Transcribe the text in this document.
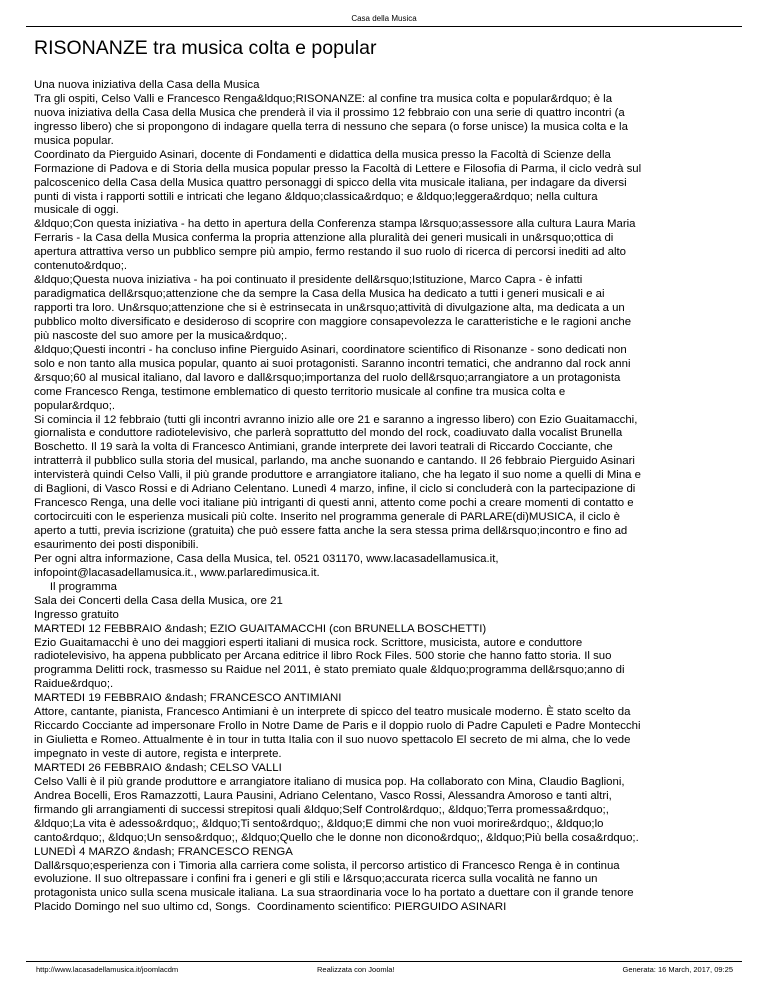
Casa della Musica
RISONANZE tra musica colta e popular
Una nuova iniziativa della Casa della Musica
Tra gli ospiti, Celso Valli e Francesco Renga&ldquo;RISONANZE: al confine tra musica colta e popular&rdquo; è la
nuova iniziativa della Casa della Musica che prenderà il via il prossimo 12 febbraio con una serie di quattro incontri (a
ingresso libero) che si propongono di indagare quella terra di nessuno che separa (o forse unisce) la musica colta e la
musica popular.
Coordinato da Pierguido Asinari, docente di Fondamenti e didattica della musica presso la Facoltà di Scienze della
Formazione di Padova e di Storia della musica popular presso la Facoltà di Lettere e Filosofia di Parma, il ciclo vedrà sul
palcoscenico della Casa della Musica quattro personaggi di spicco della vita musicale italiana, per indagare da diversi
punti di vista i rapporti sottili e intricati che legano &ldquo;classica&rdquo; e &ldquo;leggera&rdquo; nella cultura
musicale di oggi.
&ldquo;Con questa iniziativa - ha detto in apertura della Conferenza stampa l&rsquo;assessore alla cultura Laura Maria
Ferraris - la Casa della Musica conferma la propria attenzione alla pluralità dei generi musicali in un&rsquo;ottica di
apertura attrattiva verso un pubblico sempre più ampio, fermo restando il suo ruolo di ricerca di percorsi inediti ad alto
contenuto&rdquo;.
&ldquo;Questa nuova iniziativa - ha poi continuato il presidente dell&rsquo;Istituzione, Marco Capra - è infatti
paradigmatica dell&rsquo;attenzione che da sempre la Casa della Musica ha dedicato a tutti i generi musicali e ai
rapporti tra loro. Un&rsquo;attenzione che si è estrinsecata in un&rsquo;attività di divulgazione alta, ma dedicata a un
pubblico molto diversificato e desideroso di scoprire con maggiore consapevolezza le caratteristiche e le ragioni anche
più nascoste del suo amore per la musica&rdquo;.
&ldquo;Questi incontri - ha concluso infine Pierguido Asinari, coordinatore scientifico di Risonanze - sono dedicati non
solo e non tanto alla musica popular, quanto ai suoi protagonisti. Saranno incontri tematici, che andranno dal rock anni
&rsquo;60 al musical italiano, dal lavoro e dall&rsquo;importanza del ruolo dell&rsquo;arrangiatore a un protagonista
come Francesco Renga, testimone emblematico di questo territorio musicale al confine tra musica colta e
popular&rdquo;.
Si comincia il 12 febbraio (tutti gli incontri avranno inizio alle ore 21 e saranno a ingresso libero) con Ezio Guaitamacchi,
giornalista e conduttore radiotelevisivo, che parlerà soprattutto del mondo del rock, coadiuvato dalla vocalist Brunella
Boschetto. Il 19 sarà la volta di Francesco Antimiani, grande interprete dei lavori teatrali di Riccardo Cocciante, che
intratterrà il pubblico sulla storia del musical, parlando, ma anche suonando e cantando. Il 26 febbraio Pierguido Asinari
intervisterà quindi Celso Valli, il più grande produttore e arrangiatore italiano, che ha legato il suo nome a quelli di Mina e
di Baglioni, di Vasco Rossi e di Adriano Celentano. Lunedì 4 marzo, infine, il ciclo si concluderà con la partecipazione di
Francesco Renga, una delle voci italiane più intriganti di questi anni, attento come pochi a creare momenti di contatto e
cortocircuiti con le esperienza musicali più colte. Inserito nel programma generale di PARLARE(di)MUSICA, il ciclo è
aperto a tutti, previa iscrizione (gratuita) che può essere fatta anche la sera stessa prima dell&rsquo;incontro e fino ad
esaurimento dei posti disponibili.
Per ogni altra informazione, Casa della Musica, tel. 0521 031170, www.lacasadellamusica.it,
infopoint@lacasadellamusica.it., www.parlaredimusica.it.
Il programma
Sala dei Concerti della Casa della Musica, ore 21
Ingresso gratuito
MARTEDI 12 FEBBRAIO &ndash; EZIO GUAITAMACCHI (con BRUNELLA BOSCHETTI)
Ezio Guaitamacchi è uno dei maggiori esperti italiani di musica rock. Scrittore, musicista, autore e conduttore
radiotelevisivo, ha appena pubblicato per Arcana editrice il libro Rock Files. 500 storie che hanno fatto storia. Il suo
programma Delitti rock, trasmesso su Raidue nel 2011, è stato premiato quale &ldquo;programma dell&rsquo;anno di
Raidue&rdquo;.
MARTEDI 19 FEBBRAIO &ndash; FRANCESCO ANTIMIANI
Attore, cantante, pianista, Francesco Antimiani è un interprete di spicco del teatro musicale moderno. È stato scelto da
Riccardo Cocciante ad impersonare Frollo in Notre Dame de Paris e il doppio ruolo di Padre Capuleti e Padre Montecchi
in Giulietta e Romeo. Attualmente è in tour in tutta Italia con il suo nuovo spettacolo El secreto de mi alma, che lo vede
impegnato in veste di autore, regista e interprete.
MARTEDI 26 FEBBRAIO &ndash; CELSO VALLI
Celso Valli è il più grande produttore e arrangiatore italiano di musica pop. Ha collaborato con Mina, Claudio Baglioni,
Andrea Bocelli, Eros Ramazzotti, Laura Pausini, Adriano Celentano, Vasco Rossi, Alessandra Amoroso e tanti altri,
firmando gli arrangiamenti di successi strepitosi quali &ldquo;Self Control&rdquo;, &ldquo;Terra promessa&rdquo;,
&ldquo;La vita è adesso&rdquo;, &ldquo;Ti sento&rdquo;, &ldquo;E dimmi che non vuoi morire&rdquo;, &ldquo;lo
canto&rdquo;, &ldquo;Un senso&rdquo;, &ldquo;Quello che le donne non dicono&rdquo;, &ldquo;Più bella cosa&rdquo;.
LUNEDÌ 4 MARZO &ndash; FRANCESCO RENGA
Dall&rsquo;esperienza con i Timoria alla carriera come solista, il percorso artistico di Francesco Renga è in continua
evoluzione. Il suo oltrepassare i confini fra i generi e gli stili e l&rsquo;accurata ricerca sulla vocalità ne fanno un
protagonista unico sulla scena musicale italiana. La sua straordinaria voce lo ha portato a duettare con il grande tenore
Placido Domingo nel suo ultimo cd, Songs.  Coordinamento scientifico: PIERGUIDO ASINARI
http://www.lacasadellamusica.it/joomlacdm	Realizzata con Joomla!	Generata: 16 March, 2017, 09:25
